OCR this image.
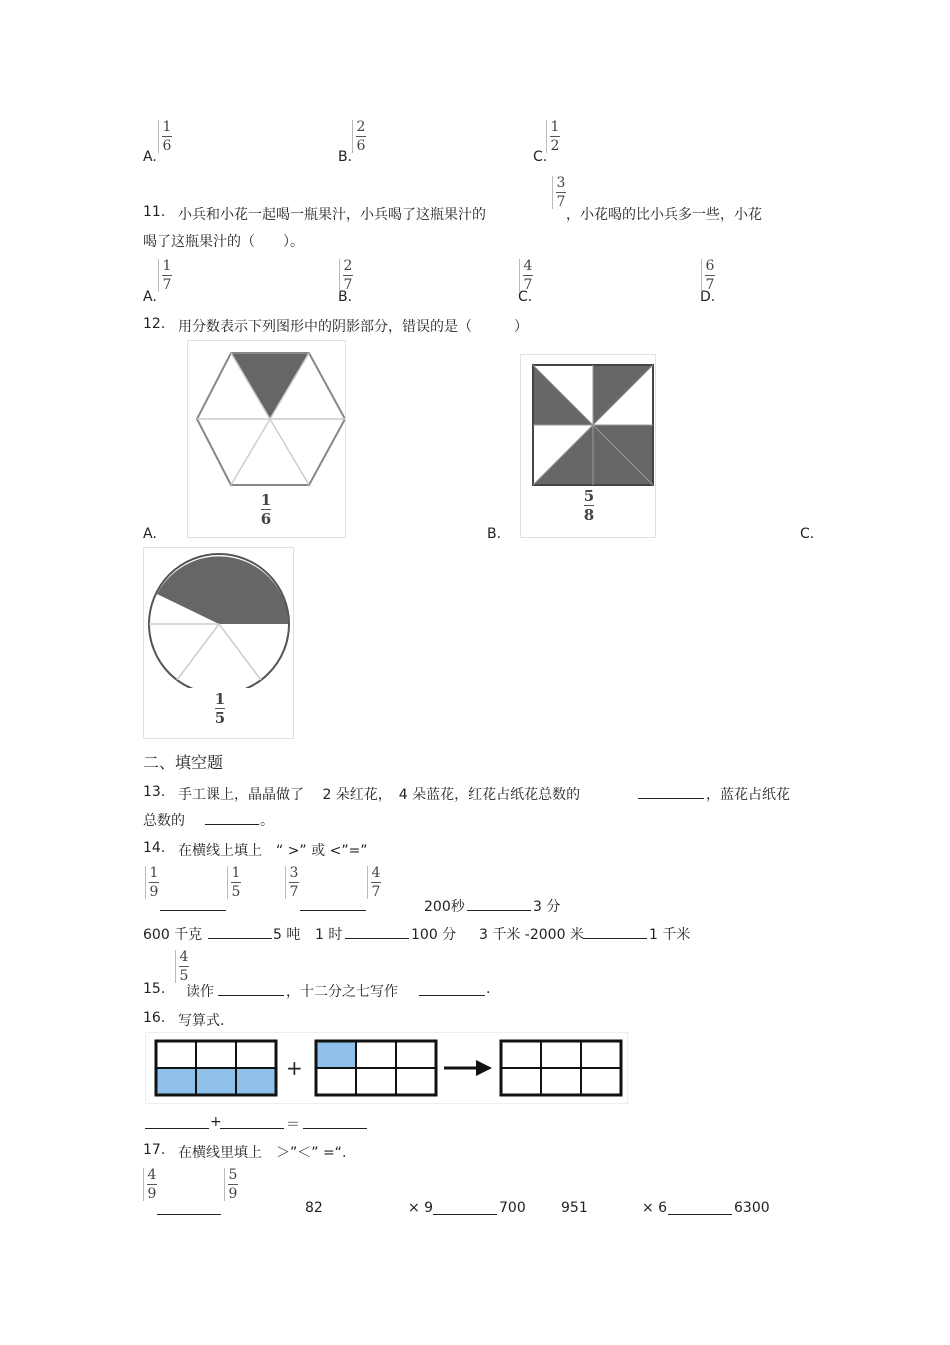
A.
1
6
B.
2
6
C.
1
2
11. 小兵和小花一起喝一瓶果汁，小兵喝了这瓶果汁的
3
7
，小花喝的比小兵多一些，小花
喝了这瓶果汁的（　　）。
A.
1
7
B.
2
7
C.
4
7
D.
6
7
12. 用分数表示下列图形中的阴影部分，错误的是（　　　）
A.
1
6
B.
5
8
C.
1
5
二、填空题
13. 手工课上，晶晶做了　 2 朵红花，　4 朵蓝花，红花占纸花总数的	，蓝花占纸花
总数的	。
14. 在横线上填上　“ >” 或 <”=”
1
9
1
5
3
7
4
7
200秒	3 分
600 千克	5 吨 1 时	100 分 3 千米 -2000 米	1 千米
15.
4
5
读作	，十二分之七写作	.
16. 写算式.
+
+	＝
17. 在横线里填上　＞”＜” =“.
4
9
5
9
82	× 9	700	951	× 6	6300
